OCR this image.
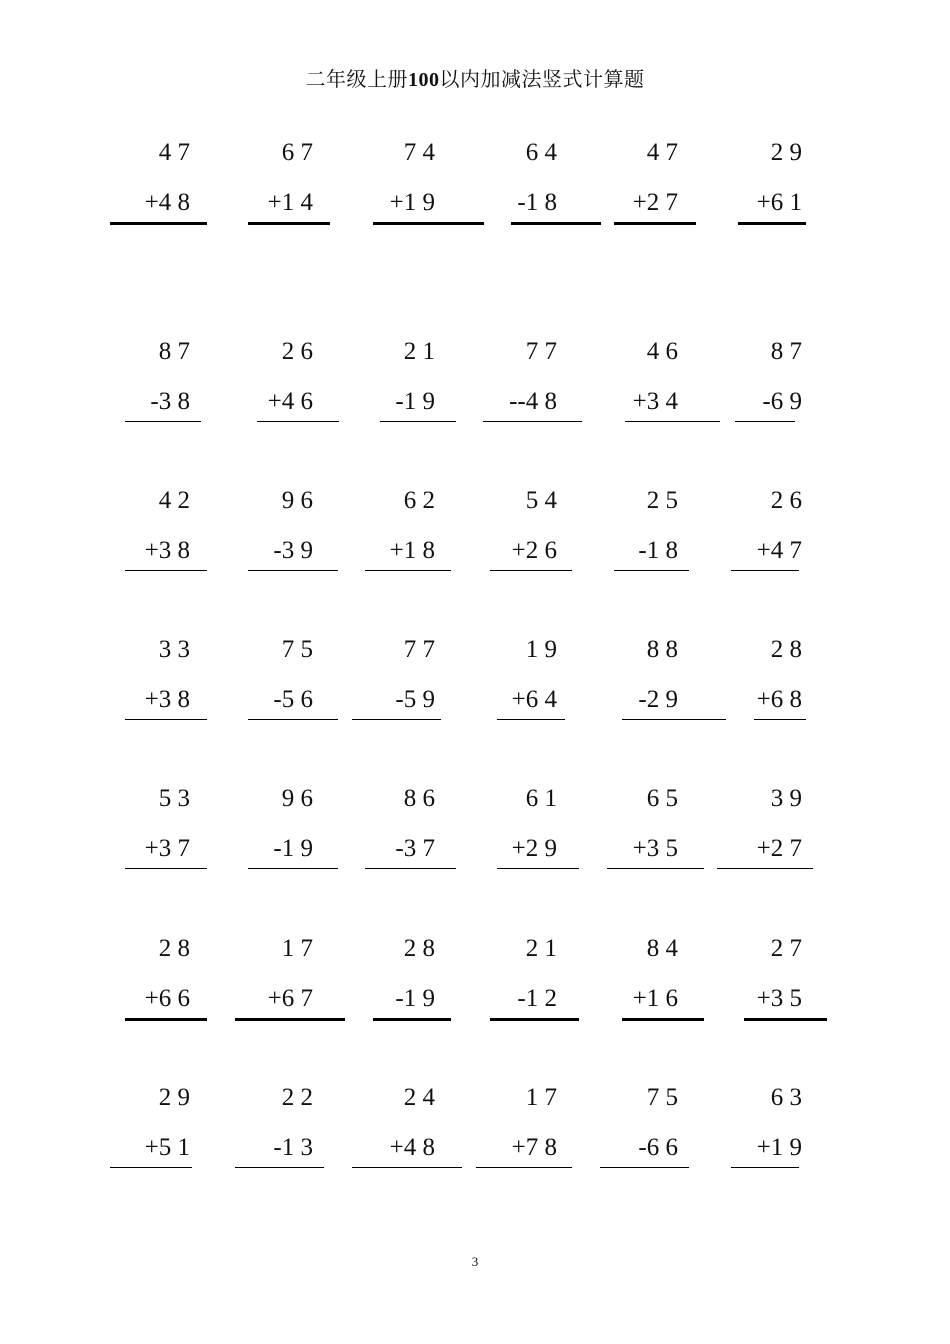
二年级上册100以内加减法竖式计算题
4 7
+4 8
6 7
+1 4
7 4
+1 9
6 4
-1 8
4 7
+2 7
2 9
+6 1
8 7
-3 8
2 6
+4 6
2 1
-1 9
7 7
--4 8
4 6
+3 4
8 7
-6 9
4 2
+3 8
9 6
-3 9
6 2
+1 8
5 4
+2 6
2 5
-1 8
2 6
+4 7
3 3
+3 8
7 5
-5 6
7 7
-5 9
1 9
+6 4
8 8
-2 9
2 8
+6 8
5 3
+3 7
9 6
-1 9
8 6
-3 7
6 1
+2 9
6 5
+3 5
3 9
+2 7
2 8
+6 6
1 7
+6 7
2 8
-1 9
2 1
-1 2
8 4
+1 6
2 7
+3 5
2 9
+5 1
2 2
-1 3
2 4
+4 8
1 7
+7 8
7 5
-6 6
6 3
+1 9
3
